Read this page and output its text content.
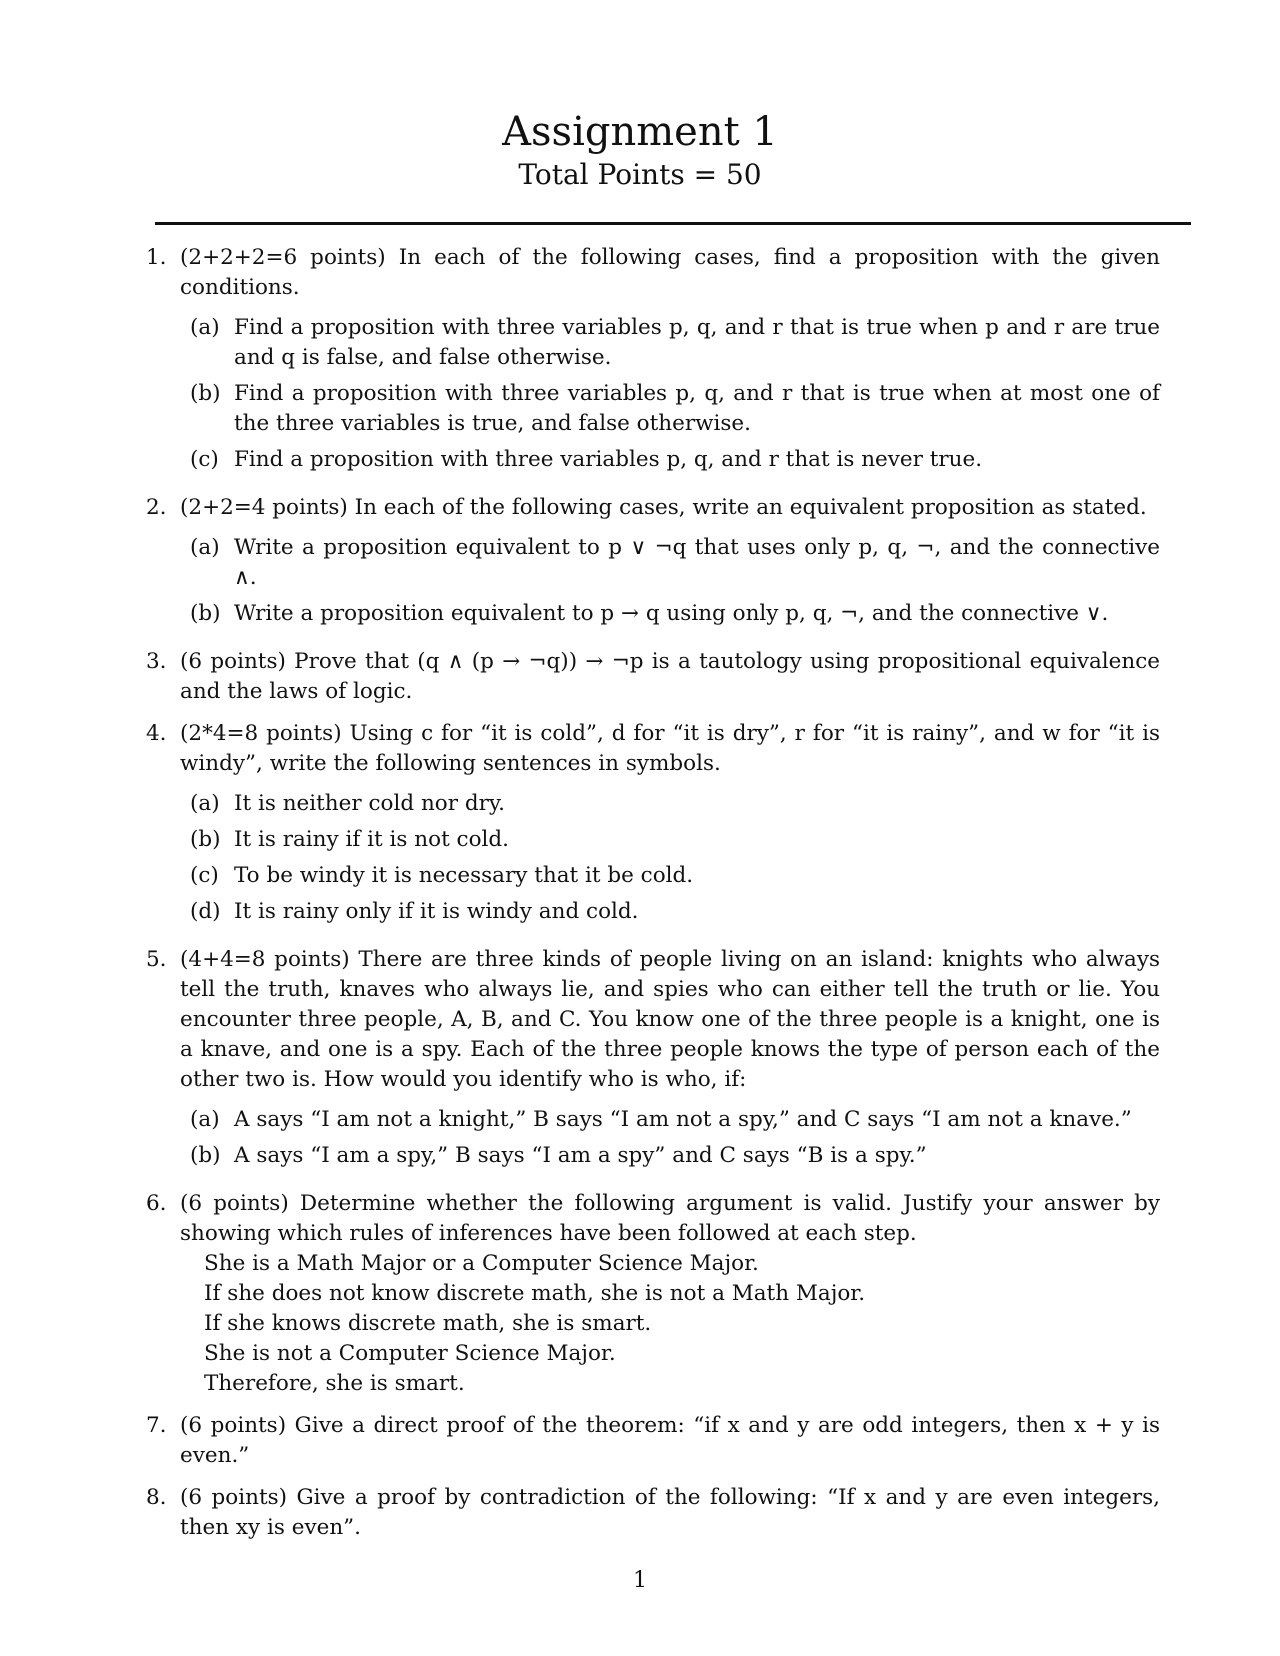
Assignment 1
Total Points = 50
1. (2+2+2=6 points) In each of the following cases, find a proposition with the given conditions.
(a) Find a proposition with three variables p, q, and r that is true when p and r are true and q is false, and false otherwise.
(b) Find a proposition with three variables p, q, and r that is true when at most one of the three variables is true, and false otherwise.
(c) Find a proposition with three variables p, q, and r that is never true.
2. (2+2=4 points) In each of the following cases, write an equivalent proposition as stated.
(a) Write a proposition equivalent to p ∨ ¬q that uses only p, q, ¬, and the connective ∧.
(b) Write a proposition equivalent to p → q using only p, q, ¬, and the connective ∨.
3. (6 points) Prove that (q ∧ (p → ¬q)) → ¬p is a tautology using propositional equivalence and the laws of logic.
4. (2*4=8 points) Using c for “it is cold”, d for “it is dry”, r for “it is rainy”, and w for “it is windy”, write the following sentences in symbols.
(a) It is neither cold nor dry.
(b) It is rainy if it is not cold.
(c) To be windy it is necessary that it be cold.
(d) It is rainy only if it is windy and cold.
5. (4+4=8 points) There are three kinds of people living on an island: knights who always tell the truth, knaves who always lie, and spies who can either tell the truth or lie. You encounter three people, A, B, and C. You know one of the three people is a knight, one is a knave, and one is a spy. Each of the three people knows the type of person each of the other two is. How would you identify who is who, if:
(a) A says “I am not a knight,” B says “I am not a spy,” and C says “I am not a knave.”
(b) A says “I am a spy,” B says “I am a spy” and C says “B is a spy.”
6. (6 points) Determine whether the following argument is valid. Justify your answer by showing which rules of inferences have been followed at each step.
She is a Math Major or a Computer Science Major.
If she does not know discrete math, she is not a Math Major.
If she knows discrete math, she is smart.
She is not a Computer Science Major.
Therefore, she is smart.
7. (6 points) Give a direct proof of the theorem: “if x and y are odd integers, then x + y is even.”
8. (6 points) Give a proof by contradiction of the following: “If x and y are even integers, then xy is even”.
1
